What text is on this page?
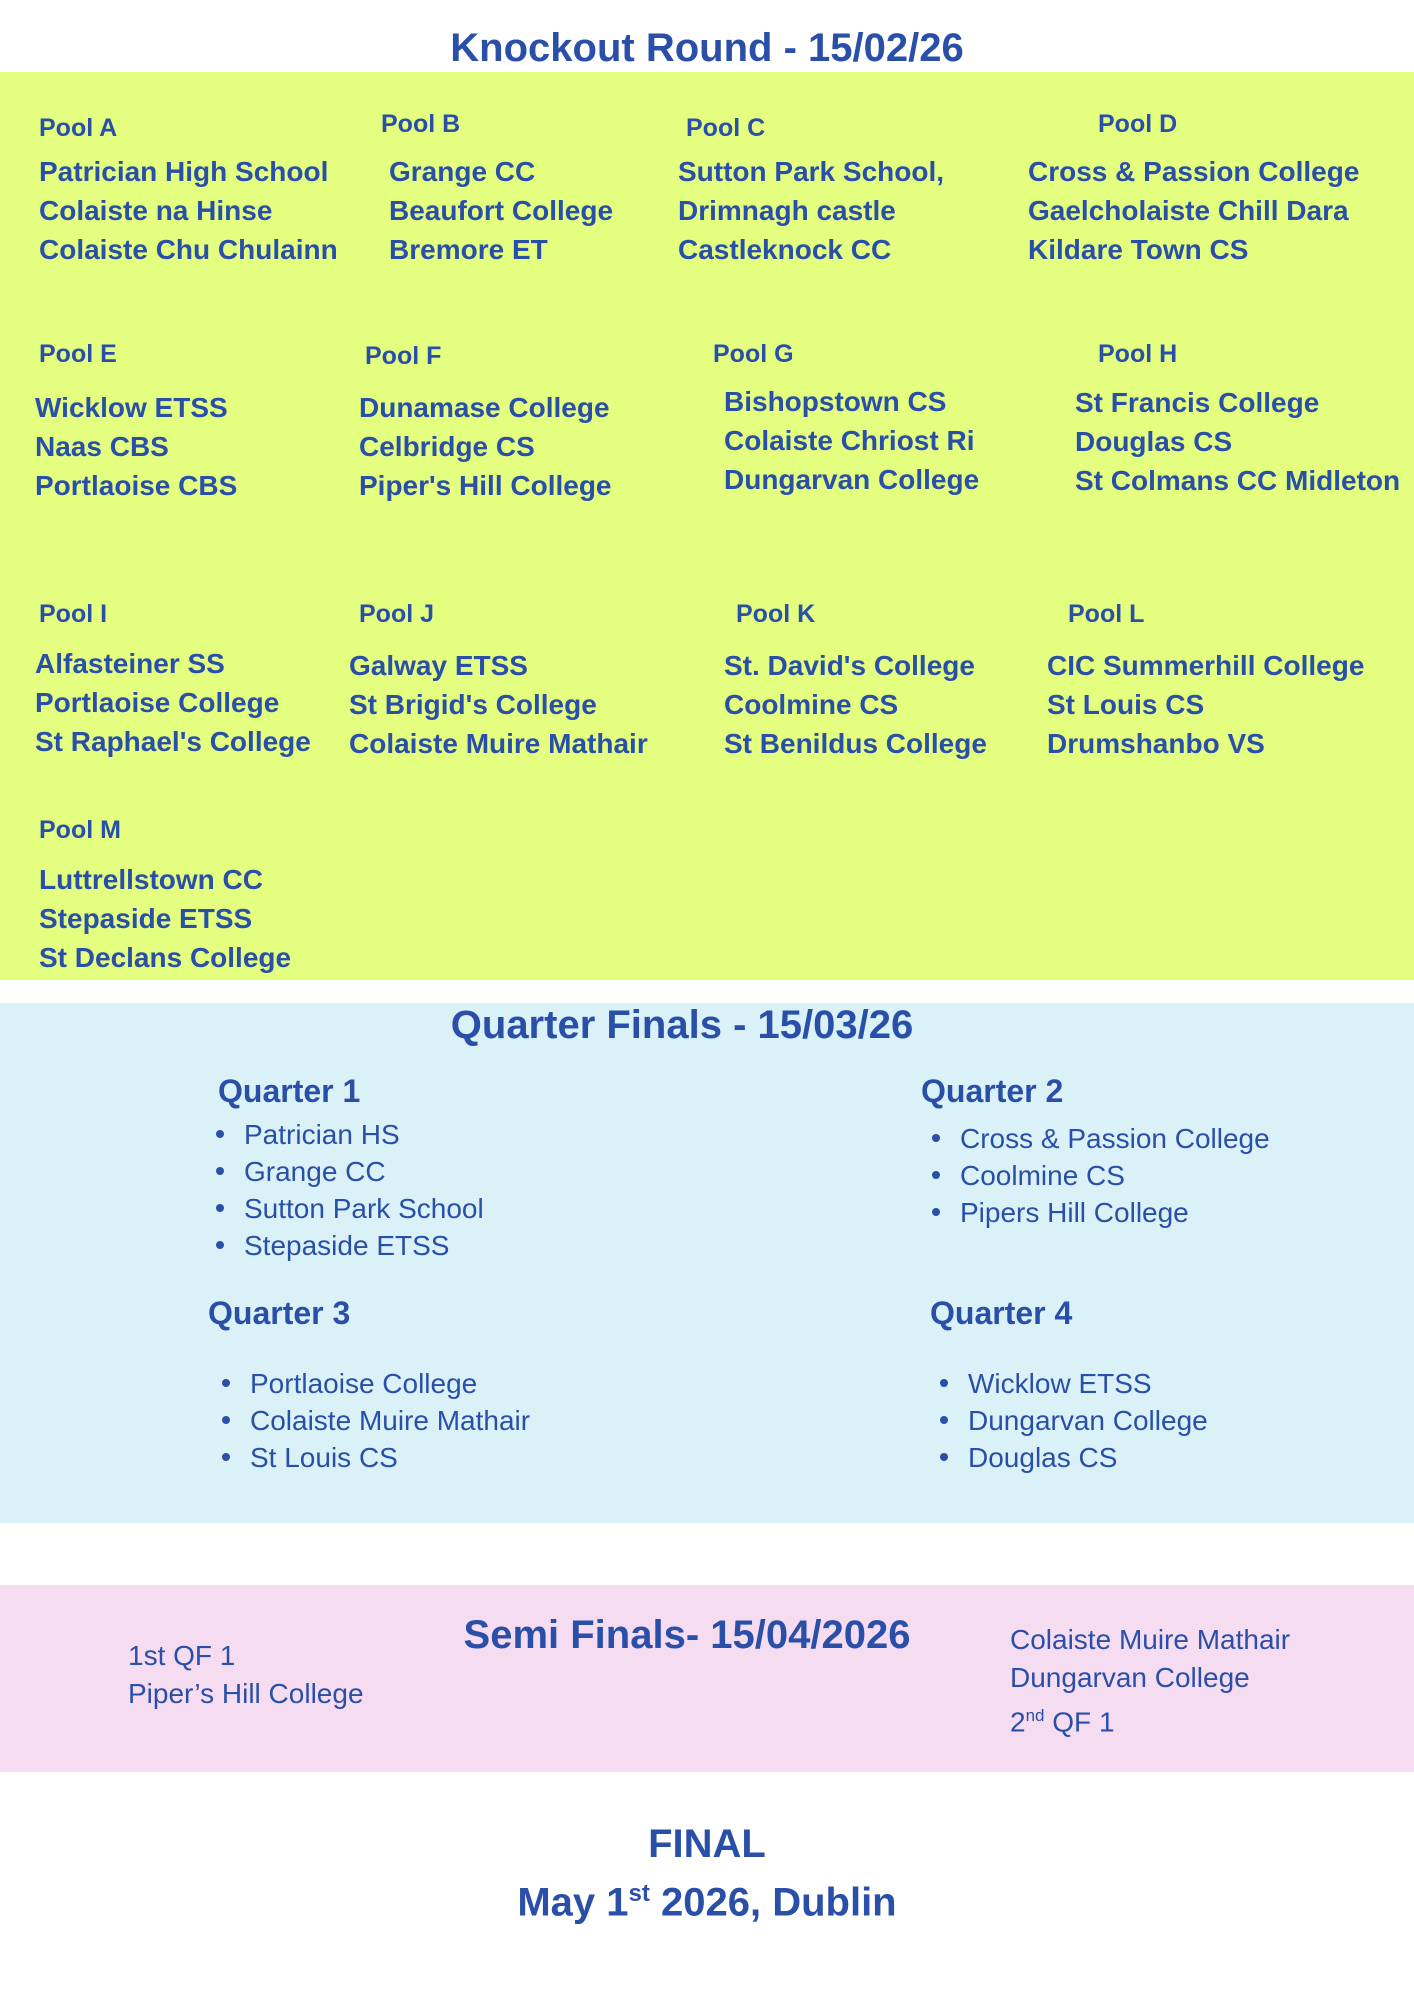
Knockout Round - 15/02/26
Pool A
Patrician High School
Colaiste na Hinse
Colaiste Chu Chulainn
Pool B
Grange CC
Beaufort College
Bremore ET
Pool C
Sutton Park School,
Drimnagh castle
Castleknock CC
Pool D
Cross & Passion College
Gaelcholaiste Chill Dara
Kildare Town CS
Pool E
Wicklow ETSS
Naas CBS
Portlaoise CBS
Pool F
Dunamase College
Celbridge CS
Piper's Hill College
Pool G
Bishopstown CS
Colaiste Chriost Ri
Dungarvan College
Pool H
St Francis College
Douglas CS
St Colmans CC Midleton
Pool I
Alfasteiner SS
Portlaoise College
St Raphael's College
Pool J
Galway ETSS
St Brigid's College
Colaiste Muire Mathair
Pool K
St. David's College
Coolmine CS
St Benildus College
Pool L
CIC Summerhill College
St Louis CS
Drumshanbo VS
Pool M
Luttrellstown CC
Stepaside ETSS
St Declans College
Quarter Finals - 15/03/26
Quarter 1
Patrician HS
Grange CC
Sutton Park School
Stepaside ETSS
Quarter 2
Cross & Passion College
Coolmine CS
Pipers Hill College
Quarter 3
Portlaoise College
Colaiste Muire Mathair
St Louis CS
Quarter 4
Wicklow ETSS
Dungarvan College
Douglas CS
Semi Finals- 15/04/2026
1st QF 1
Piper’s Hill College
Colaiste Muire Mathair
Dungarvan College
2nd QF 1
FINAL
May 1st 2026, Dublin
